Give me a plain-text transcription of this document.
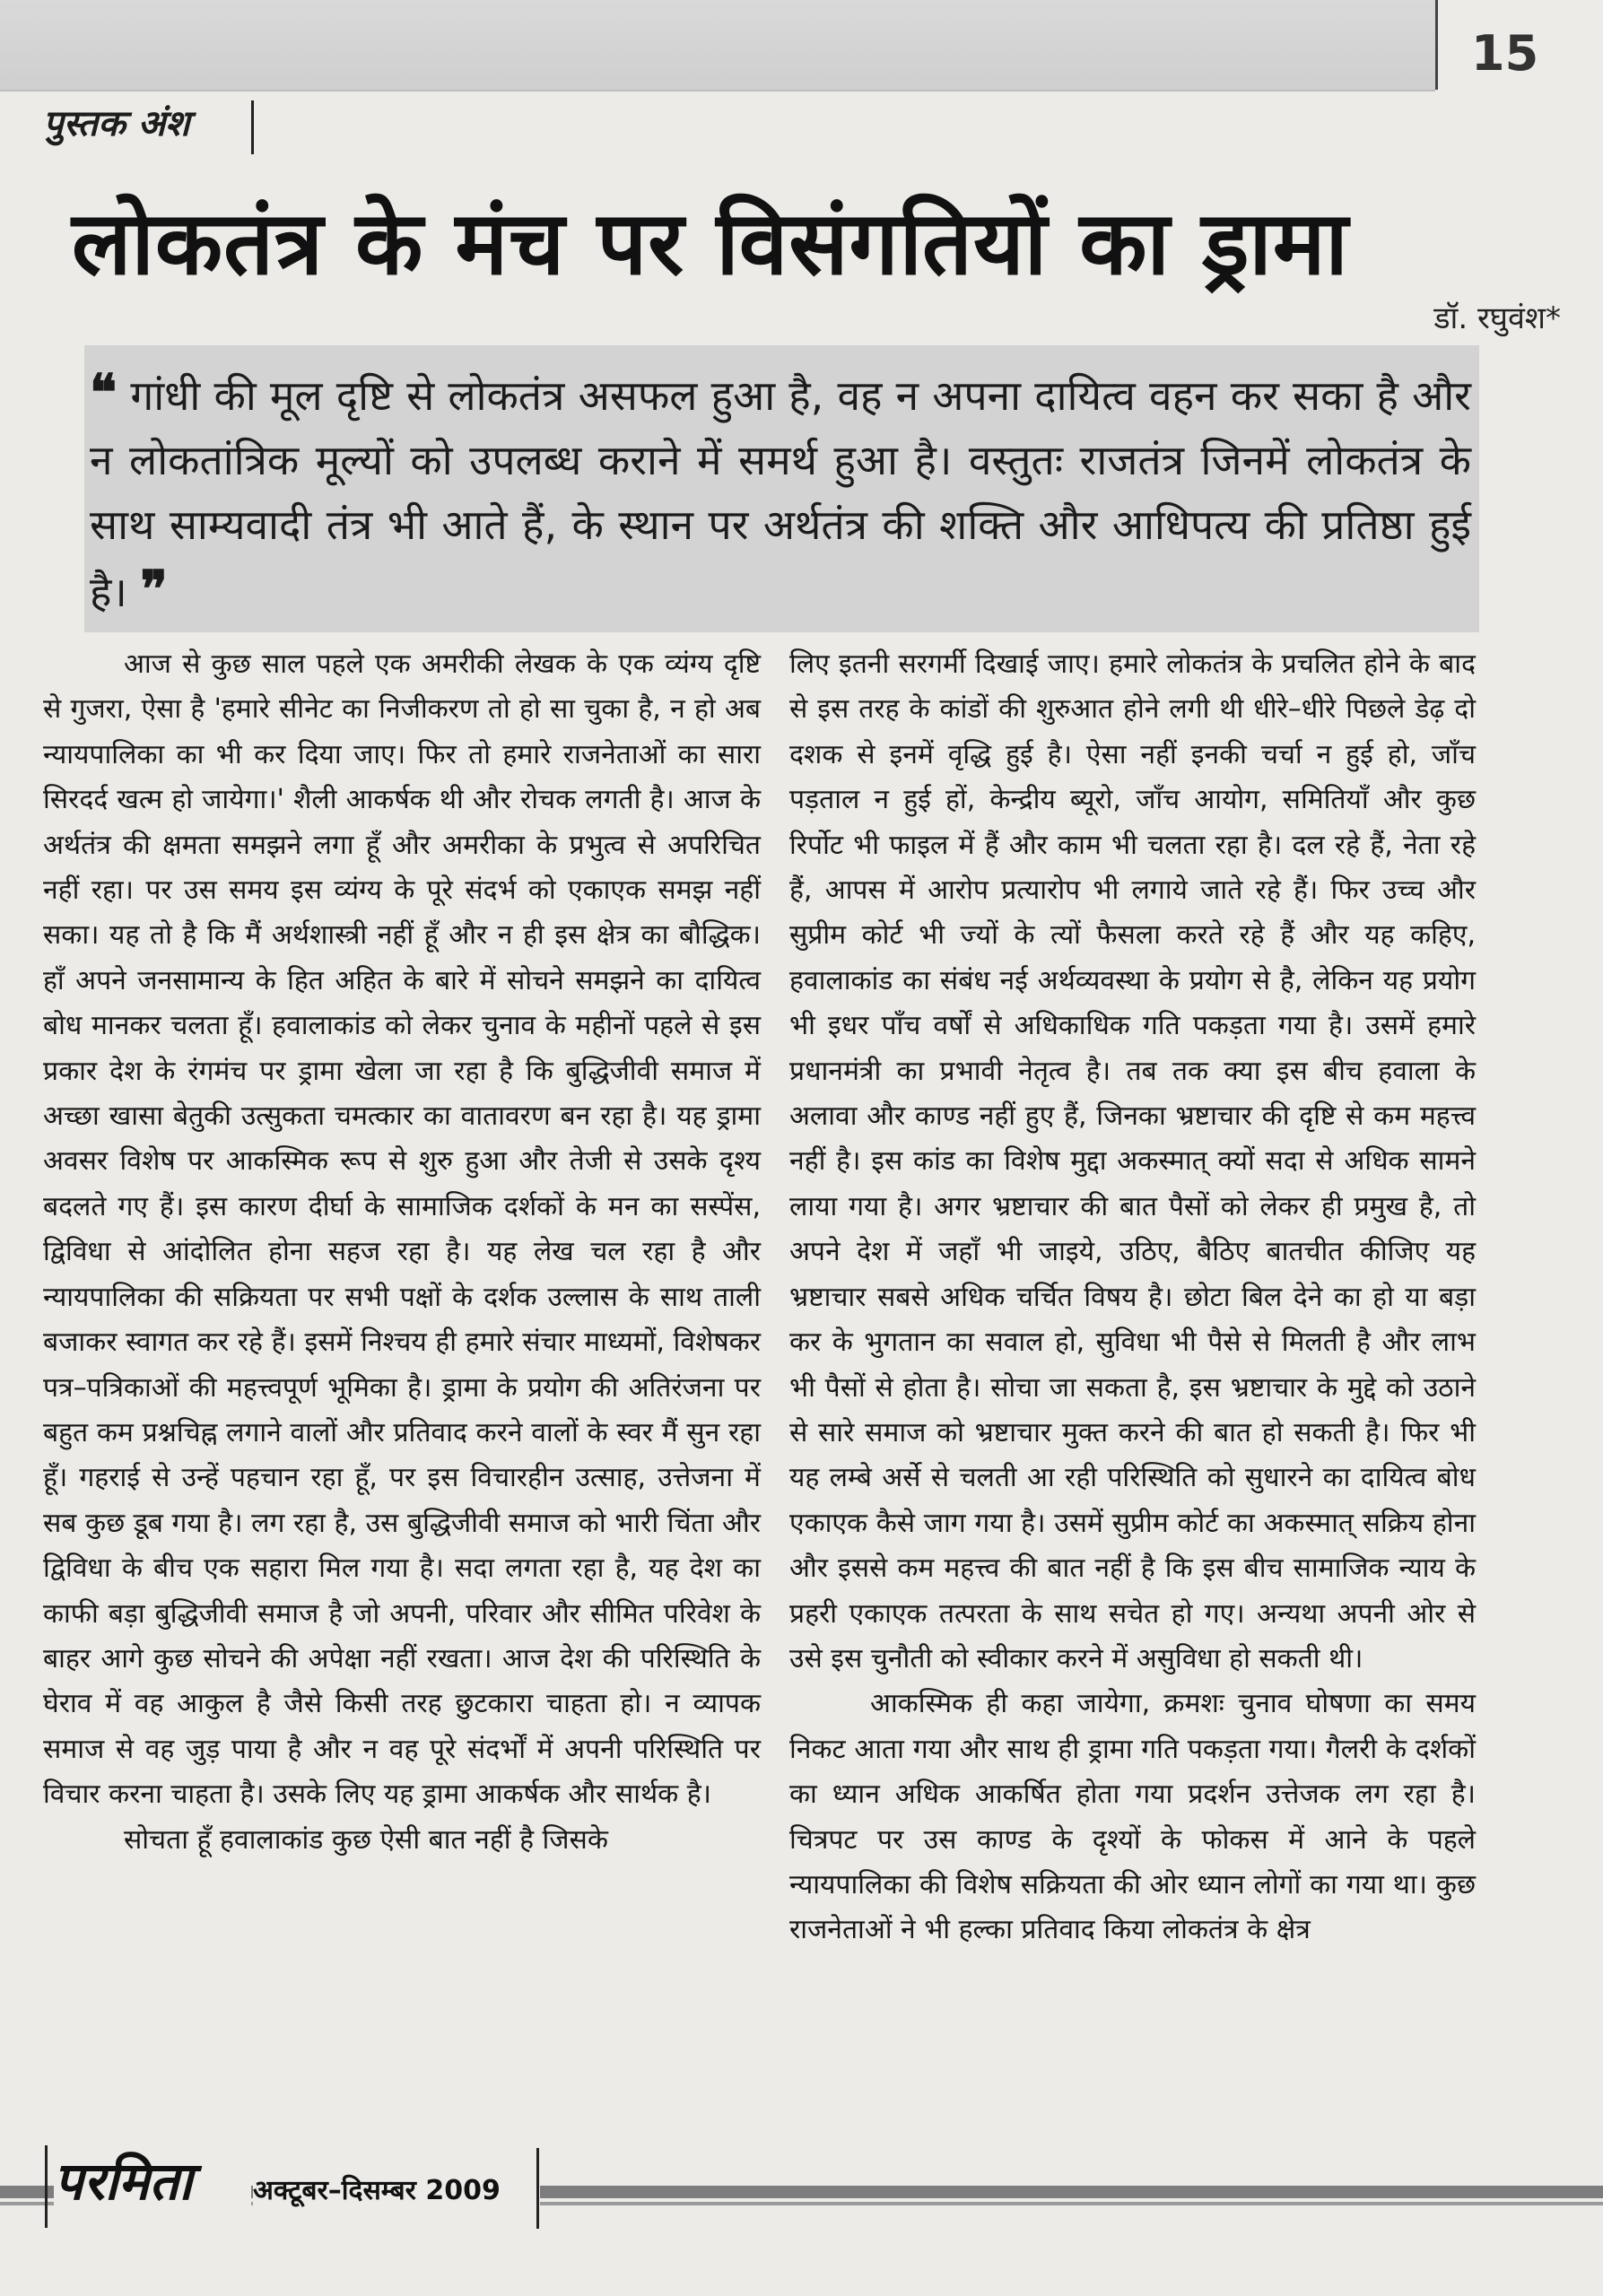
15
पुस्तक अंश
लोकतंत्र के मंच पर विसंगतियों का ड्रामा
डॉ. रघुवंश*
❝ गांधी की मूल दृष्टि से लोकतंत्र असफल हुआ है, वह न अपना दायित्व वहन कर सका है और न लोकतांत्रिक मूल्यों को उपलब्ध कराने में समर्थ हुआ है। वस्तुतः राजतंत्र जिनमें लोकतंत्र के साथ साम्यवादी तंत्र भी आते हैं, के स्थान पर अर्थतंत्र की शक्ति और आधिपत्य की प्रतिष्ठा हुई है। ❞

आज से कुछ साल पहले एक अमरीकी लेखक के एक व्यंग्य दृष्टि से गुजरा, ऐसा है 'हमारे सीनेट का निजीकरण तो हो सा चुका है, न हो अब न्यायपालिका का भी कर दिया जाए। फिर तो हमारे राजनेताओं का सारा सिरदर्द खत्म हो जायेगा।' शैली आकर्षक थी और रोचक लगती है। आज के अर्थतंत्र की क्षमता समझने लगा हूँ और अमरीका के प्रभुत्व से अपरिचित नहीं रहा। पर उस समय इस व्यंग्य के पूरे संदर्भ को एकाएक समझ नहीं सका। यह तो है कि मैं अर्थशास्त्री नहीं हूँ और न ही इस क्षेत्र का बौद्धिक। हाँ अपने जनसामान्य के हित अहित के बारे में सोचने समझने का दायित्व बोध मानकर चलता हूँ। हवालाकांड को लेकर चुनाव के महीनों पहले से इस प्रकार देश के रंगमंच पर ड्रामा खेला जा रहा है कि बुद्धिजीवी समाज में अच्छा खासा बेतुकी उत्सुकता चमत्कार का वातावरण बन रहा है। यह ड्रामा अवसर विशेष पर आकस्मिक रूप से शुरु हुआ और तेजी से उसके दृश्य बदलते गए हैं। इस कारण दीर्घा के सामाजिक दर्शकों के मन का सस्पेंस, द्विविधा से आंदोलित होना सहज रहा है। यह लेख चल रहा है और न्यायपालिका की सक्रियता पर सभी पक्षों के दर्शक उल्लास के साथ ताली बजाकर स्वागत कर रहे हैं। इसमें निश्चय ही हमारे संचार माध्यमों, विशेषकर पत्र–पत्रिकाओं की महत्त्वपूर्ण भूमिका है। ड्रामा के प्रयोग की अतिरंजना पर बहुत कम प्रश्नचिह्न लगाने वालों और प्रतिवाद करने वालों के स्वर मैं सुन रहा हूँ। गहराई से उन्हें पहचान रहा हूँ, पर इस विचारहीन उत्साह, उत्तेजना में सब कुछ डूब गया है। लग रहा है, उस बुद्धिजीवी समाज को भारी चिंता और द्विविधा के बीच एक सहारा मिल गया है। सदा लगता रहा है, यह देश का काफी बड़ा बुद्धिजीवी समाज है जो अपनी, परिवार और सीमित परिवेश के बाहर आगे कुछ सोचने की अपेक्षा नहीं रखता। आज देश की परिस्थिति के घेराव में वह आकुल है जैसे किसी तरह छुटकारा चाहता हो। न व्यापक समाज से वह जुड़ पाया है और न वह पूरे संदर्भों में अपनी परिस्थिति पर विचार करना चाहता है। उसके लिए यह ड्रामा आकर्षक और सार्थक है।

सोचता हूँ हवालाकांड कुछ ऐसी बात नहीं है जिसके

लिए इतनी सरगर्मी दिखाई जाए। हमारे लोकतंत्र के प्रचलित होने के बाद से इस तरह के कांडों की शुरुआत होने लगी थी धीरे–धीरे पिछले डेढ़ दो दशक से इनमें वृद्धि हुई है। ऐसा नहीं इनकी चर्चा न हुई हो, जाँच पड़ताल न हुई हों, केन्द्रीय ब्यूरो, जाँच आयोग, समितियाँ और कुछ रिर्पोट भी फाइल में हैं और काम भी चलता रहा है। दल रहे हैं, नेता रहे हैं, आपस में आरोप प्रत्यारोप भी लगाये जाते रहे हैं। फिर उच्च और सुप्रीम कोर्ट भी ज्यों के त्यों फैसला करते रहे हैं और यह कहिए, हवालाकांड का संबंध नई अर्थव्यवस्था के प्रयोग से है, लेकिन यह प्रयोग भी इधर पाँच वर्षों से अधिकाधिक गति पकड़ता गया है। उसमें हमारे प्रधानमंत्री का प्रभावी नेतृत्व है। तब तक क्या इस बीच हवाला के अलावा और काण्ड नहीं हुए हैं, जिनका भ्रष्टाचार की दृष्टि से कम महत्त्व नहीं है। इस कांड का विशेष मुद्दा अकस्मात् क्यों सदा से अधिक सामने लाया गया है। अगर भ्रष्टाचार की बात पैसों को लेकर ही प्रमुख है, तो अपने देश में जहाँ भी जाइये, उठिए, बैठिए बातचीत कीजिए यह भ्रष्टाचार सबसे अधिक चर्चित विषय है। छोटा बिल देने का हो या बड़ा कर के भुगतान का सवाल हो, सुविधा भी पैसे से मिलती है और लाभ भी पैसों से होता है। सोचा जा सकता है, इस भ्रष्टाचार के मुद्दे को उठाने से सारे समाज को भ्रष्टाचार मुक्त करने की बात हो सकती है। फिर भी यह लम्बे अर्से से चलती आ रही परिस्थिति को सुधारने का दायित्व बोध एकाएक कैसे जाग गया है। उसमें सुप्रीम कोर्ट का अकस्मात् सक्रिय होना और इससे कम महत्त्व की बात नहीं है कि इस बीच सामाजिक न्याय के प्रहरी एकाएक तत्परता के साथ सचेत हो गए। अन्यथा अपनी ओर से उसे इस चुनौती को स्वीकार करने में असुविधा हो सकती थी।

आकस्मिक ही कहा जायेगा, क्रमशः चुनाव घोषणा का समय निकट आता गया और साथ ही ड्रामा गति पकड़ता गया। गैलरी के दर्शकों का ध्यान अधिक आकर्षित होता गया प्रदर्शन उत्तेजक लग रहा है। चित्रपट पर उस काण्ड के दृश्यों के फोकस में आने के पहले न्यायपालिका की विशेष सक्रियता की ओर ध्यान लोगों का गया था। कुछ राजनेताओं ने भी हल्का प्रतिवाद किया लोकतंत्र के क्षेत्र

परमिता	अक्टूबर–दिसम्बर 2009
